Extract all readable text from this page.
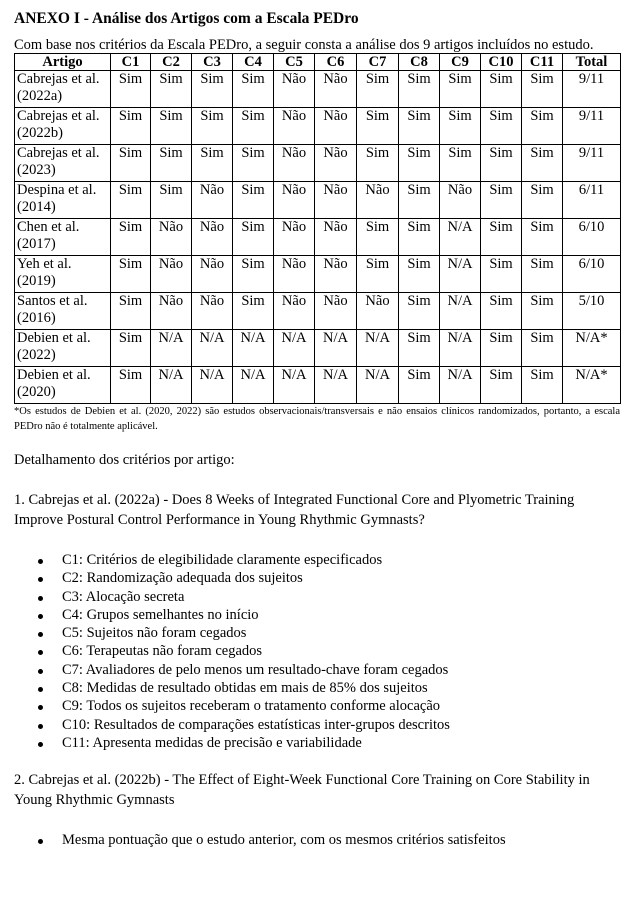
ANEXO I - Análise dos Artigos com a Escala PEDro

Com base nos critérios da Escala PEDro, a seguir consta a análise dos 9 artigos incluídos no estudo.

Artigo	C1	C2	C3	C4	C5	C6	C7	C8	C9	C10	C11	Total
Cabrejas et al. (2022a)	Sim	Sim	Sim	Sim	Não	Não	Sim	Sim	Sim	Sim	Sim	9/11
Cabrejas et al. (2022b)	Sim	Sim	Sim	Sim	Não	Não	Sim	Sim	Sim	Sim	Sim	9/11
Cabrejas et al. (2023)	Sim	Sim	Sim	Sim	Não	Não	Sim	Sim	Sim	Sim	Sim	9/11
Despina et al. (2014)	Sim	Sim	Não	Sim	Não	Não	Não	Sim	Não	Sim	Sim	6/11
Chen et al. (2017)	Sim	Não	Não	Sim	Não	Não	Sim	Sim	N/A	Sim	Sim	6/10
Yeh et al. (2019)	Sim	Não	Não	Sim	Não	Não	Sim	Sim	N/A	Sim	Sim	6/10
Santos et al. (2016)	Sim	Não	Não	Sim	Não	Não	Não	Sim	N/A	Sim	Sim	5/10
Debien et al. (2022)	Sim	N/A	N/A	N/A	N/A	N/A	N/A	Sim	N/A	Sim	Sim	N/A*
Debien et al. (2020)	Sim	N/A	N/A	N/A	N/A	N/A	N/A	Sim	N/A	Sim	Sim	N/A*

*Os estudos de Debien et al. (2020, 2022) são estudos observacionais/transversais e não ensaios clínicos randomizados, portanto, a escala PEDro não é totalmente aplicável.

Detalhamento dos critérios por artigo:

1. Cabrejas et al. (2022a) - Does 8 Weeks of Integrated Functional Core and Plyometric Training Improve Postural Control Performance in Young Rhythmic Gymnasts?

C1: Critérios de elegibilidade claramente especificados
C2: Randomização adequada dos sujeitos
C3: Alocação secreta
C4: Grupos semelhantes no início
C5: Sujeitos não foram cegados
C6: Terapeutas não foram cegados
C7: Avaliadores de pelo menos um resultado-chave foram cegados
C8: Medidas de resultado obtidas em mais de 85% dos sujeitos
C9: Todos os sujeitos receberam o tratamento conforme alocação
C10: Resultados de comparações estatísticas inter-grupos descritos
C11: Apresenta medidas de precisão e variabilidade

2. Cabrejas et al. (2022b) - The Effect of Eight-Week Functional Core Training on Core Stability in Young Rhythmic Gymnasts

Mesma pontuação que o estudo anterior, com os mesmos critérios satisfeitos
